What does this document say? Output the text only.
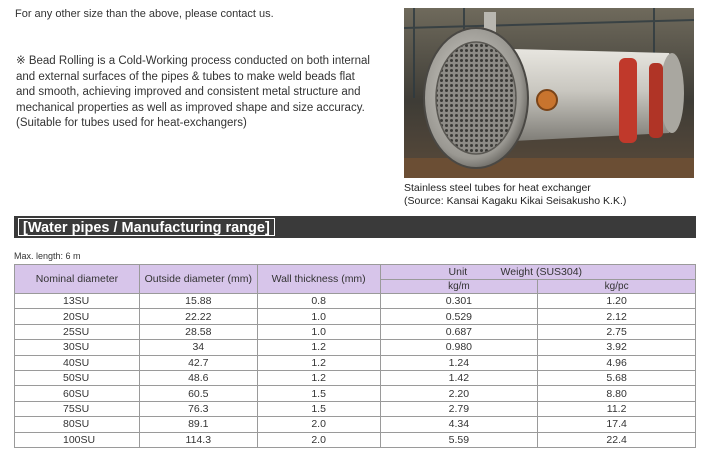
For any other size than the above, please contact us.
※ Bead Rolling is a Cold-Working process conducted on both internal
and external surfaces of the pipes & tubes to make weld beads flat
and smooth, achieving improved and consistent metal structure and
mechanical properties as well as improved shape and size accuracy.
(Suitable for tubes used for heat-exchangers)
Stainless steel tubes for heat exchanger
(Source: Kansai Kagaku Kikai Seisakusho K.K.)
[Water pipes / Manufacturing range]
Max. length: 6 m
Nominal diameter	Outside diameter (mm)	Wall thickness (mm)	Unit Weight (SUS304)	

			kg/m	kg/pc
13SU	15.88	0.8	0.301	1.20
20SU	22.22	1.0	0.529	2.12
25SU	28.58	1.0	0.687	2.75
30SU	34	1.2	0.980	3.92
40SU	42.7	1.2	1.24	4.96
50SU	48.6	1.2	1.42	5.68
60SU	60.5	1.5	2.20	8.80
75SU	76.3	1.5	2.79	11.2
80SU	89.1	2.0	4.34	17.4
100SU	114.3	2.0	5.59	22.4
